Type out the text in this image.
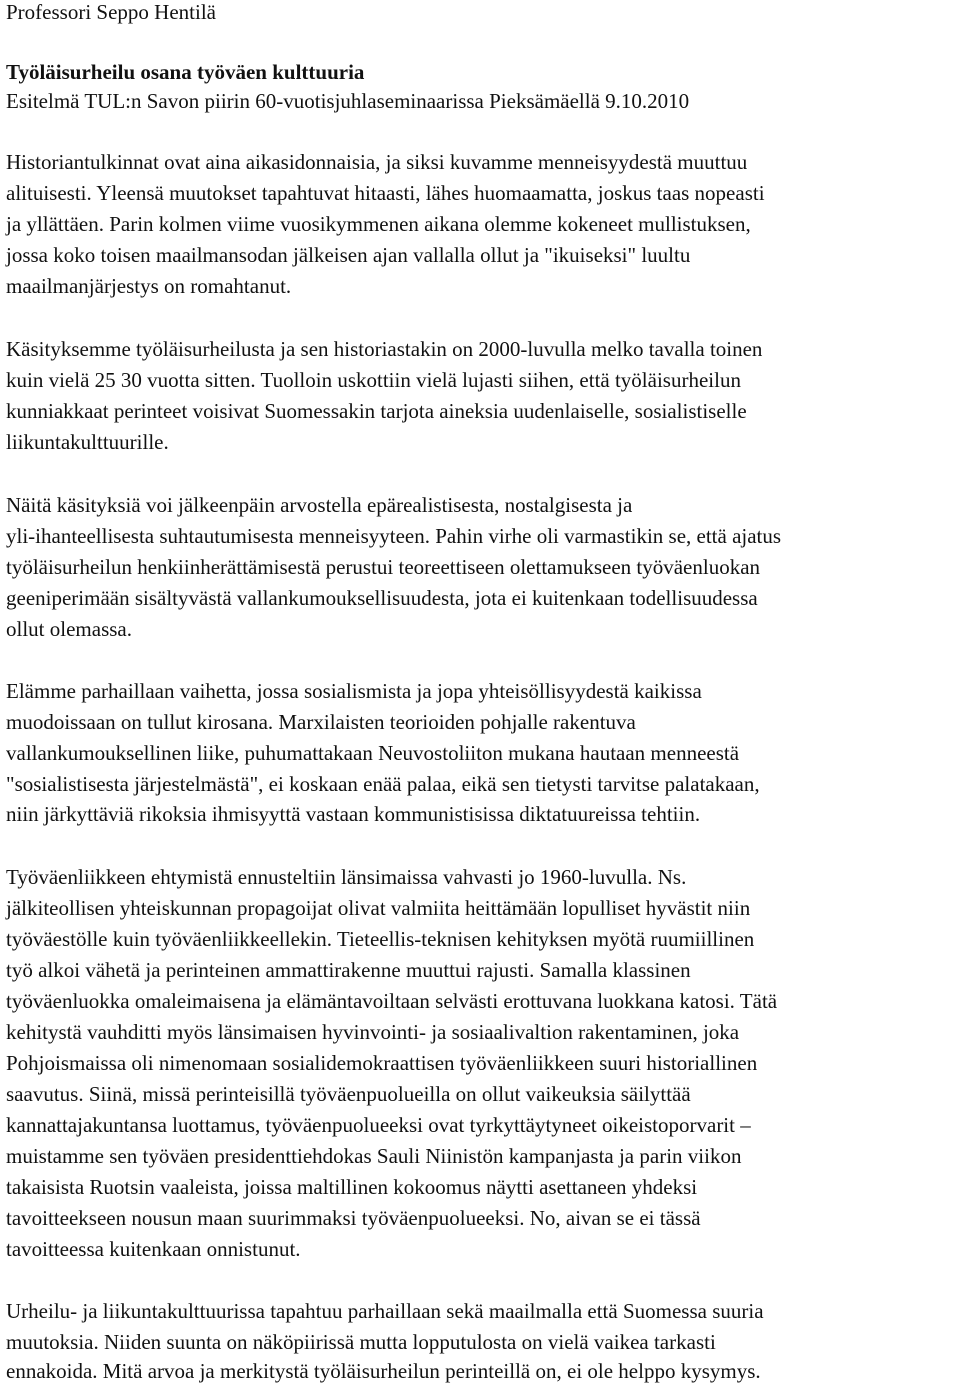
Professori Seppo Hentilä
Työläisurheilu osana työväen kulttuuria
Esitelmä TUL:n Savon piirin 60-vuotisjuhlaseminaarissa Pieksämäellä 9.10.2010
Historiantulkinnat ovat aina aikasidonnaisia, ja siksi kuvamme menneisyydestä muuttuu
alituisesti. Yleensä muutokset tapahtuvat hitaasti, lähes huomaamatta, joskus taas nopeasti
ja yllättäen. Parin kolmen viime vuosikymmenen aikana olemme kokeneet mullistuksen,
jossa koko toisen maailmansodan jälkeisen ajan vallalla ollut ja "ikuiseksi" luultu
maailmanjärjestys on romahtanut.
Käsityksemme työläisurheilusta ja sen historiastakin on 2000-luvulla melko tavalla toinen
kuin vielä 25 30 vuotta sitten. Tuolloin uskottiin vielä lujasti siihen, että työläisurheilun
kunniakkaat perinteet voisivat Suomessakin tarjota aineksia uudenlaiselle, sosialistiselle
liikuntakulttuurille.
Näitä käsityksiä voi jälkeenpäin arvostella epärealistisesta, nostalgisesta ja
yli-ihanteellisesta suhtautumisesta menneisyyteen. Pahin virhe oli varmastikin se, että ajatus
työläisurheilun henkiinherättämisestä perustui teoreettiseen olettamukseen työväenluokan
geeniperimään sisältyvästä vallankumouksellisuudesta, jota ei kuitenkaan todellisuudessa
ollut olemassa.
Elämme parhaillaan vaihetta, jossa sosialismista ja jopa yhteisöllisyydestä kaikissa
muodoissaan on tullut kirosana. Marxilaisten teorioiden pohjalle rakentuva
vallankumouksellinen liike, puhumattakaan Neuvostoliiton mukana hautaan menneestä
"sosialistisesta järjestelmästä", ei koskaan enää palaa, eikä sen tietysti tarvitse palatakaan,
niin järkyttäviä rikoksia ihmisyyttä vastaan kommunistisissa diktatuureissa tehtiin.
Työväenliikkeen ehtymistä ennusteltiin länsimaissa vahvasti jo 1960-luvulla. Ns.
jälkiteollisen yhteiskunnan propagoijat olivat valmiita heittämään lopulliset hyvästit niin
työväestölle kuin työväenliikkeellekin. Tieteellis-teknisen kehityksen myötä ruumiillinen
työ alkoi vähetä ja perinteinen ammattirakenne muuttui rajusti. Samalla klassinen
työväenluokka omaleimaisena ja elämäntavoiltaan selvästi erottuvana luokkana katosi. Tätä
kehitystä vauhditti myös länsimaisen hyvinvointi- ja sosiaalivaltion rakentaminen, joka
Pohjoismaissa oli nimenomaan sosialidemokraattisen työväenliikkeen suuri historiallinen
saavutus. Siinä, missä perinteisillä työväenpuolueilla on ollut vaikeuksia säilyttää
kannattajakuntansa luottamus, työväenpuolueeksi ovat tyrkyttäytyneet oikeistoporvarit –
muistamme sen työväen presidenttiehdokas Sauli Niinistön kampanjasta ja parin viikon
takaisista Ruotsin vaaleista, joissa maltillinen kokoomus näytti asettaneen yhdeksi
tavoitteekseen nousun maan suurimmaksi työväenpuolueeksi. No, aivan se ei tässä
tavoitteessa kuitenkaan onnistunut.
Urheilu- ja liikuntakulttuurissa tapahtuu parhaillaan sekä maailmalla että Suomessa suuria
muutoksia. Niiden suunta on näköpiirissä mutta lopputulosta on vielä vaikea tarkasti
ennakoida. Mitä arvoa ja merkitystä työläisurheilun perinteillä on, ei ole helppo kysymys.
